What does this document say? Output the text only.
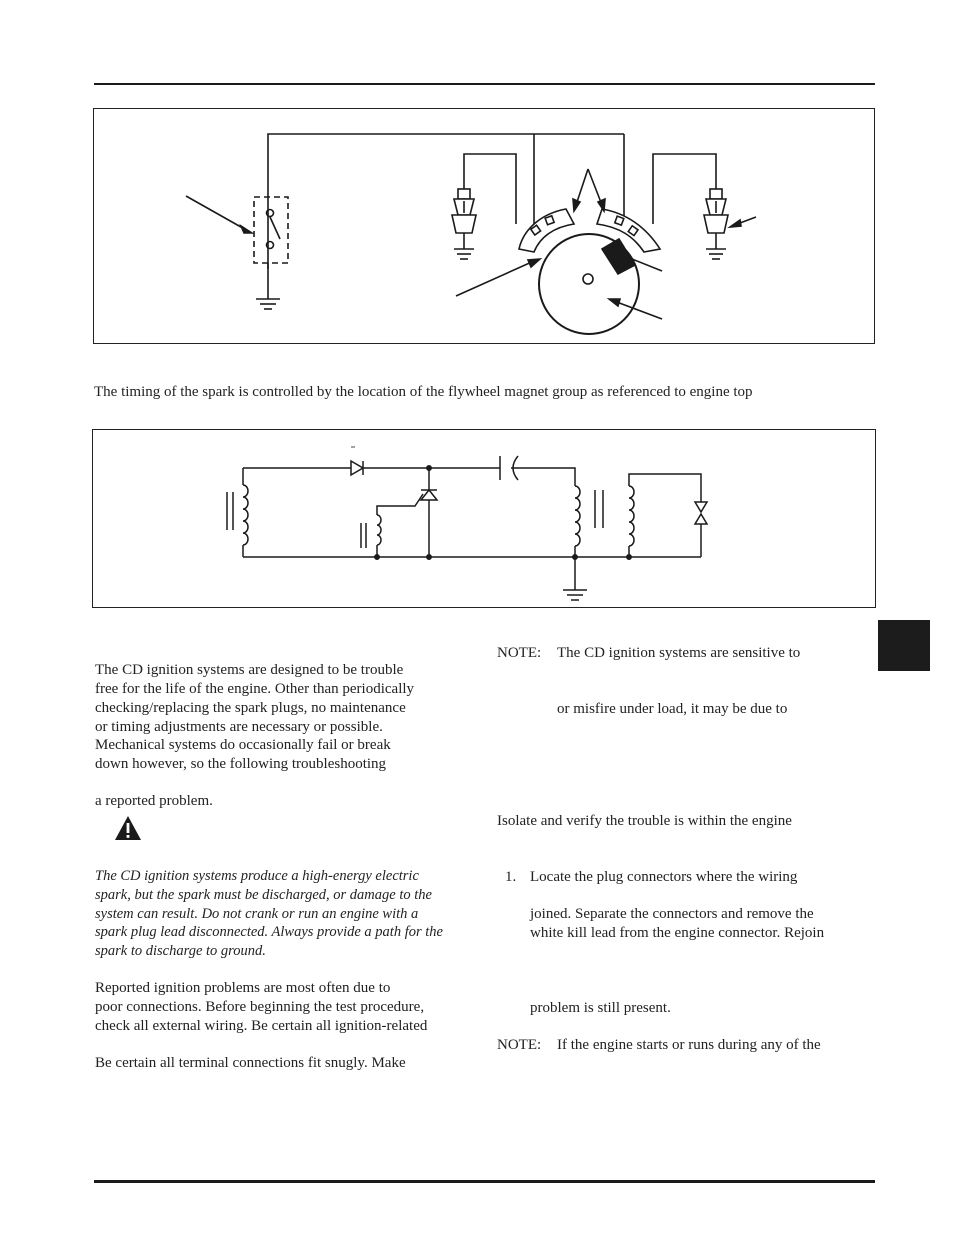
The timing of the spark is controlled by the location of the flywheel magnet group as referenced to engine top
The CD ignition systems are designed to be trouble
free for the life of the engine. Other than periodically
checking/replacing the spark plugs, no maintenance
or timing adjustments are necessary or possible.
Mechanical systems do occasionally fail or break
down however, so the following troubleshooting
a reported problem.
The CD ignition systems produce a high-energy electric
spark, but the spark must be discharged, or damage to the
system can result. Do not crank or run an engine with a
spark plug lead disconnected. Always provide a path for the
spark to discharge to ground.
Reported ignition problems are most often due to
poor connections. Before beginning the test procedure,
check all external wiring. Be certain all ignition-related
Be certain all terminal connections fit snugly. Make
NOTE: The CD ignition systems are sensitive to
or misfire under load, it may be due to
Isolate and verify the trouble is within the engine
1. Locate the plug connectors where the wiring
joined. Separate the connectors and remove the
white kill lead from the engine connector. Rejoin
problem is still present.
NOTE: If the engine starts or runs during any of the
